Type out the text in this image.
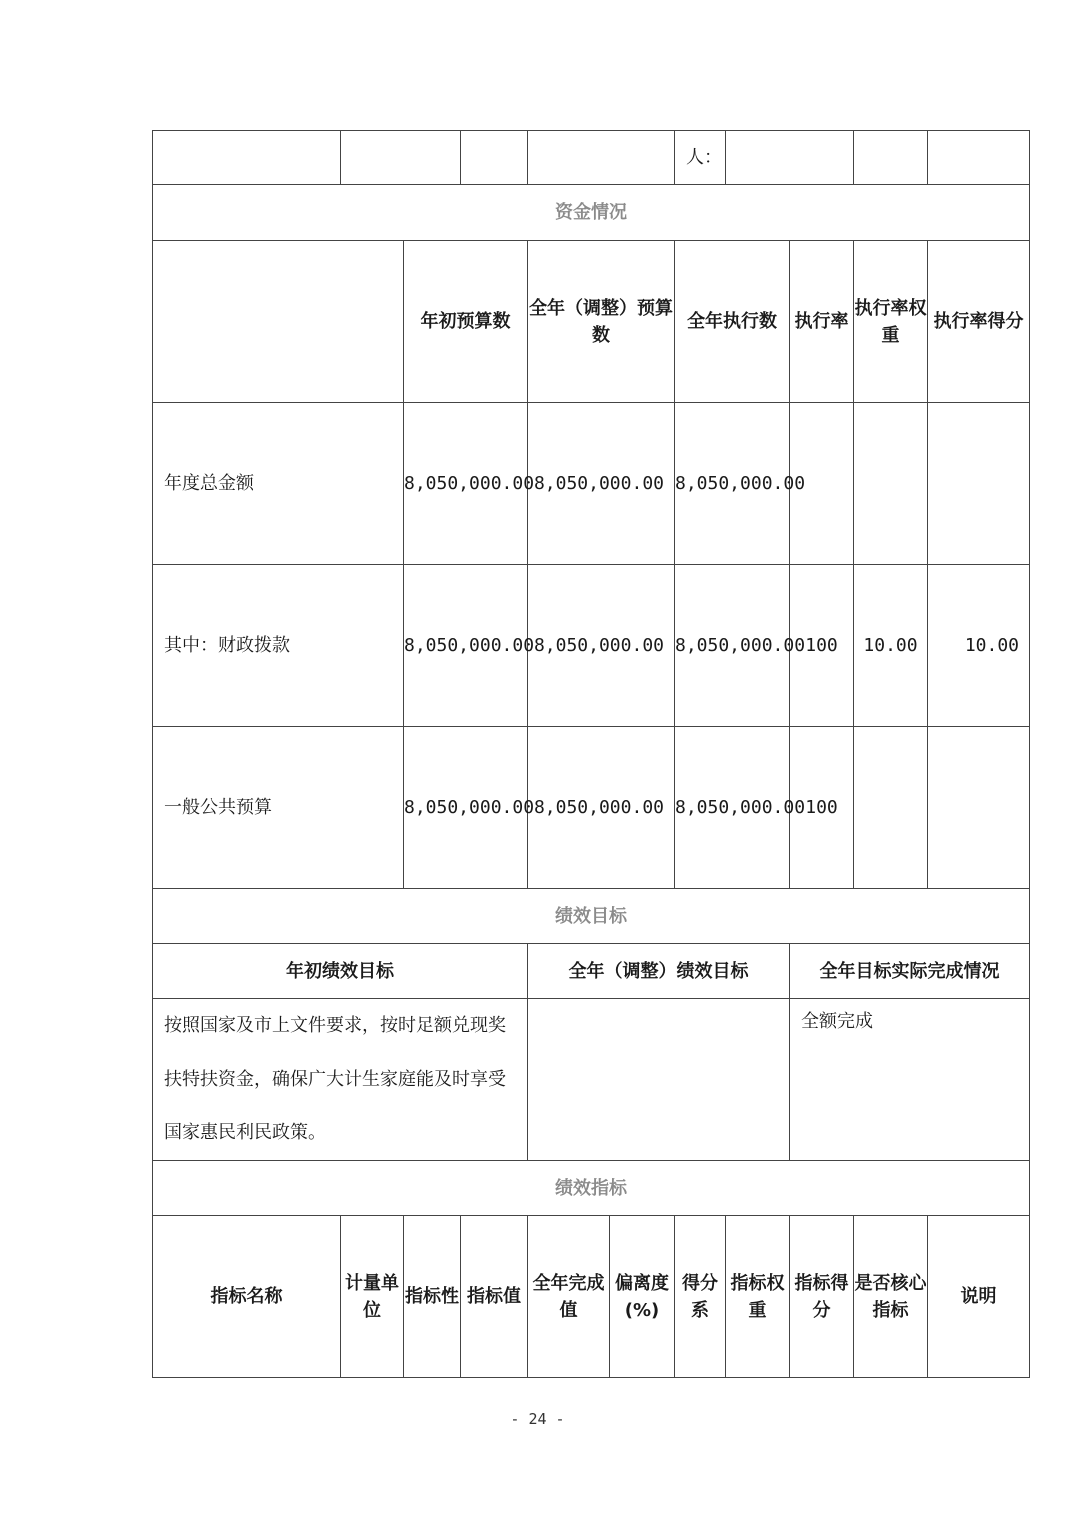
						人：				
资金情况										
		年初预算数		全年（调整）预算数		全年执行数		执行率	执行率权重	执行率得分
年度总金额		8,050,000.00		8,050,000.00		8,050,000.00				
其中：财政拨款		8,050,000.00		8,050,000.00		8,050,000.00		100	10.00	10.00
一般公共预算		8,050,000.00		8,050,000.00		8,050,000.00		100		
绩效目标										
年初绩效目标				全年（调整）绩效目标				全年目标实际完成情况		
按照国家及市上文件要求，按时足额兑现奖扶特扶资金，确保广大计生家庭能及时享受国家惠民利民政策。								全额完成		
绩效指标										
指标名称	计量单位	指标性	指标值	全年完成值	偏离度(%)	得分系	指标权重	指标得分	是否核心指标	说明
- 24 -
